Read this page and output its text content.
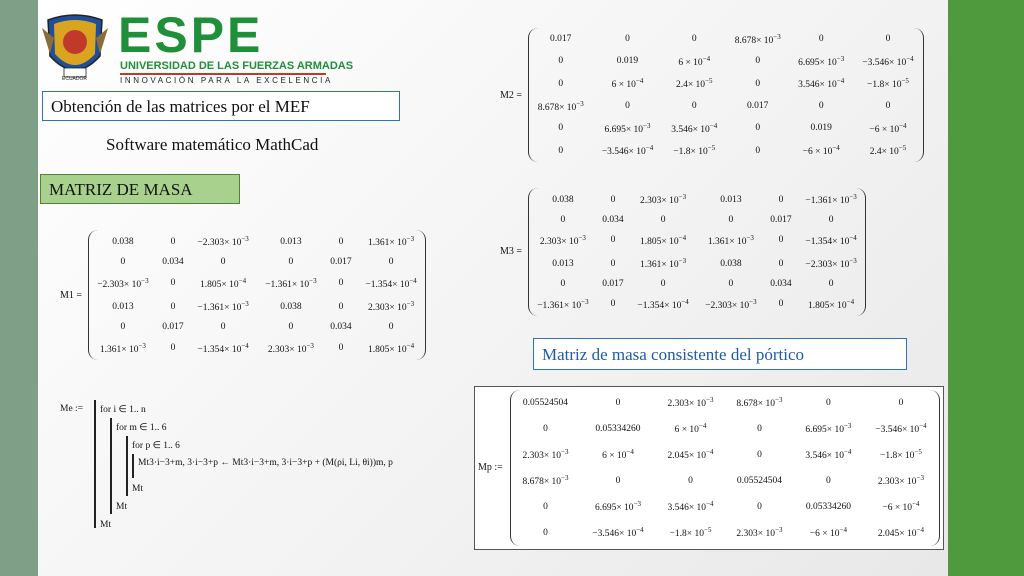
ECUADOR
ESPE
UNIVERSIDAD DE LAS FUERZAS ARMADAS
INNOVACIÓN PARA LA EXCELENCIA
Obtención de las matrices por el MEF
Software matemático MathCad
MATRIZ DE MASA
Matriz de masa consistente del pórtico
M1 =
0.038	0	$-2.303\times 10^{-3}$	0.013	0	$1.361\times 10^{-3}$
0	0.034	0	0	0.017	0
$-2.303\times 10^{-3}$	0	$1.805\times 10^{-4}$	$-1.361\times 10^{-3}$	0	$-1.354\times 10^{-4}$
0.013	0	$-1.361\times 10^{-3}$	0.038	0	$2.303\times 10^{-3}$
0	0.017	0	0	0.034	0
$1.361\times 10^{-3}$	0	$-1.354\times 10^{-4}$	$2.303\times 10^{-3}$	0	$1.805\times 10^{-4}$
M2 =
0.017	0	0	$8.678\times 10^{-3}$	0	0
0	0.019	$6 \times 10^{-4}$	0	$6.695\times 10^{-3}$	$-3.546\times 10^{-4}$
0	$6 \times 10^{-4}$	$2.4\times 10^{-5}$	0	$3.546\times 10^{-4}$	$-1.8\times 10^{-5}$
$8.678\times 10^{-3}$	0	0	0.017	0	0
0	$6.695\times 10^{-3}$	$3.546\times 10^{-4}$	0	0.019	$-6 \times 10^{-4}$
0	$-3.546\times 10^{-4}$	$-1.8\times 10^{-5}$	0	$-6 \times 10^{-4}$	$2.4\times 10^{-5}$
M3 =
0.038	0	$2.303\times 10^{-3}$	0.013	0	$-1.361\times 10^{-3}$
0	0.034	0	0	0.017	0
$2.303\times 10^{-3}$	0	$1.805\times 10^{-4}$	$1.361\times 10^{-3}$	0	$-1.354\times 10^{-4}$
0.013	0	$1.361\times 10^{-3}$	0.038	0	$-2.303\times 10^{-3}$
0	0.017	0	0	0.034	0
$-1.361\times 10^{-3}$	0	$-1.354\times 10^{-4}$	$-2.303\times 10^{-3}$	0	$1.805\times 10^{-4}$
Mp :=
0.05524504	0	$2.303\times 10^{-3}$	$8.678\times 10^{-3}$	0	0
0	0.05334260	$6 \times 10^{-4}$	0	$6.695\times 10^{-3}$	$-3.546\times 10^{-4}$
$2.303\times 10^{-3}$	$6 \times 10^{-4}$	$2.045\times 10^{-4}$	0	$3.546\times 10^{-4}$	$-1.8\times 10^{-5}$
$8.678\times 10^{-3}$	0	0	0.05524504	0	$2.303\times 10^{-3}$
0	$6.695\times 10^{-3}$	$3.546\times 10^{-4}$	0	0.05334260	$-6 \times 10^{-4}$
0	$-3.546\times 10^{-4}$	$-1.8\times 10^{-5}$	$2.303\times 10^{-3}$	$-6 \times 10^{-4}$	$2.045\times 10^{-4}$
Me := for i ∈ 1.. n
for m ∈ 1.. 6
for p ∈ 1.. 6
Mt3·i−3+m, 3·i−3+p ← Mt3·i−3+m, 3·i−3+p + (M(ρi, Li, θi))m, p
Mt
Mt
Mt
